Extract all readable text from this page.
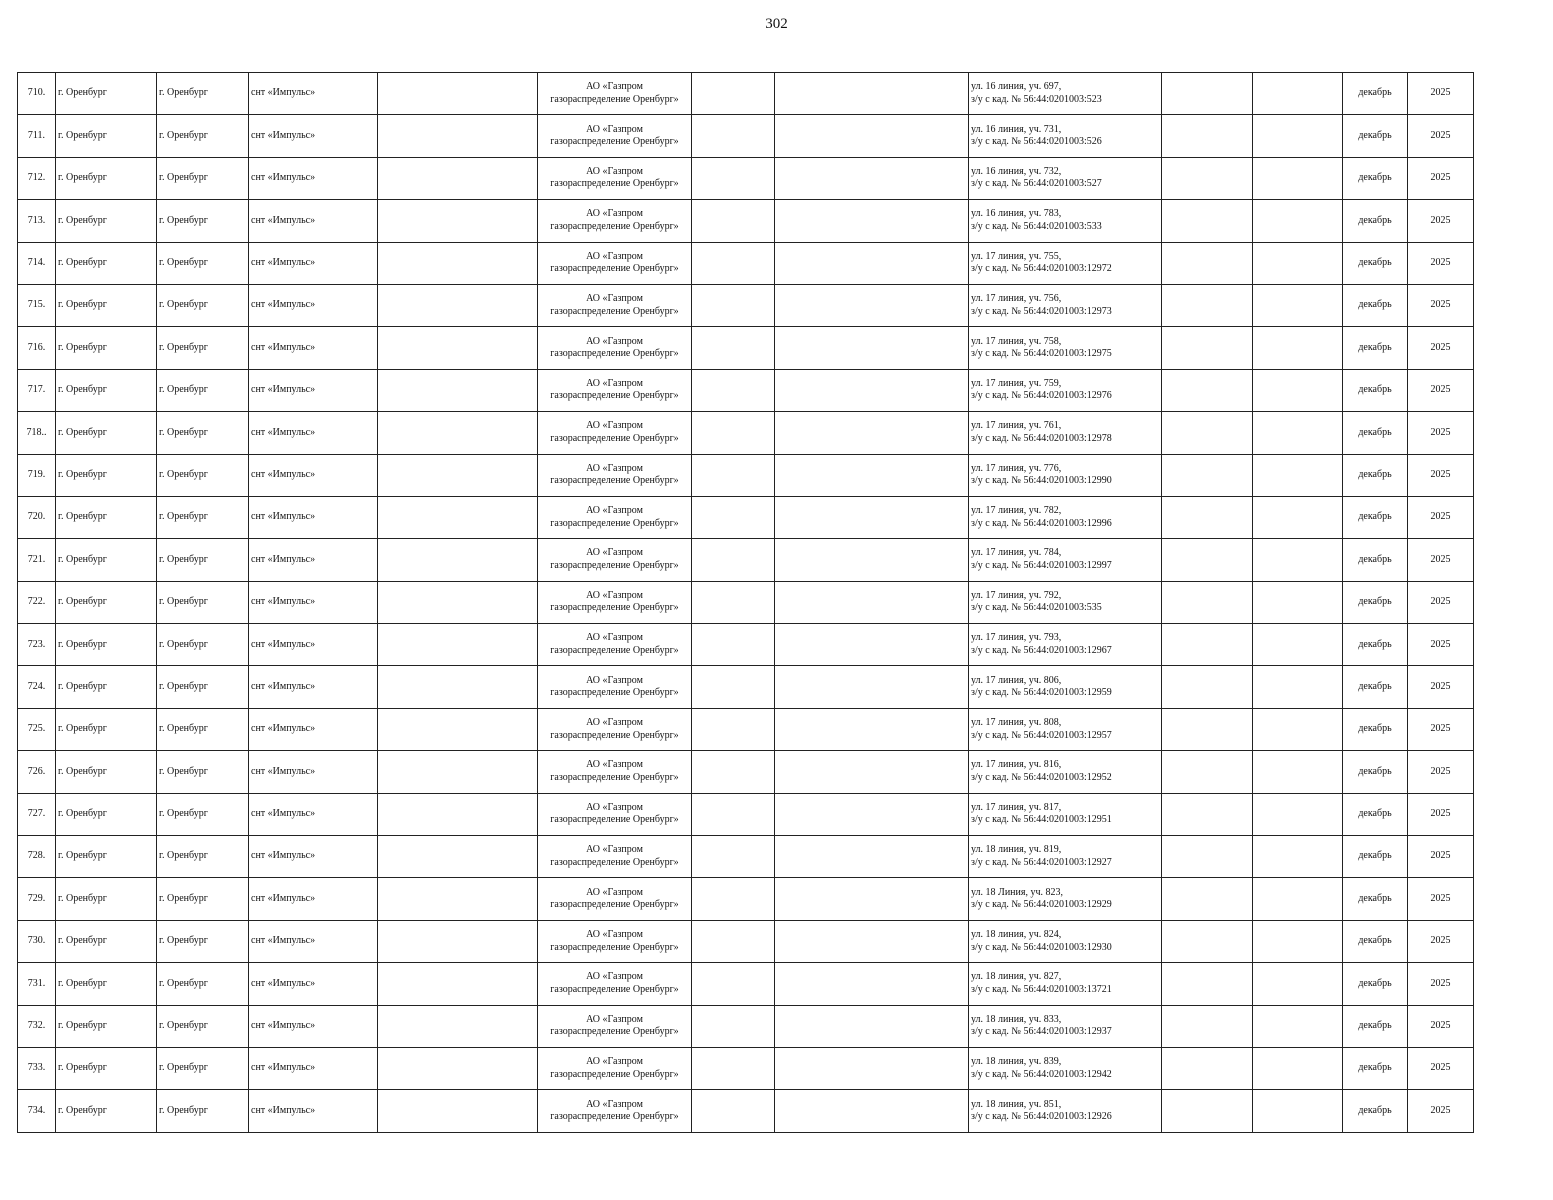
302
710.	г. Оренбург	г. Оренбург	снт «Импульс»		АО «Газпром
газораспределение Оренбург»			ул. 16 линия, уч. 697,
з/у с кад. № 56:44:0201003:523			декабрь	2025
711.	г. Оренбург	г. Оренбург	снт «Импульс»		АО «Газпром
газораспределение Оренбург»			ул. 16 линия, уч. 731,
з/у с кад. № 56:44:0201003:526			декабрь	2025
712.	г. Оренбург	г. Оренбург	снт «Импульс»		АО «Газпром
газораспределение Оренбург»			ул. 16 линия, уч. 732,
з/у с кад. № 56:44:0201003:527			декабрь	2025
713.	г. Оренбург	г. Оренбург	снт «Импульс»		АО «Газпром
газораспределение Оренбург»			ул. 16 линия, уч. 783,
з/у с кад. № 56:44:0201003:533			декабрь	2025
714.	г. Оренбург	г. Оренбург	снт «Импульс»		АО «Газпром
газораспределение Оренбург»			ул. 17 линия, уч. 755,
з/у с кад. № 56:44:0201003:12972			декабрь	2025
715.	г. Оренбург	г. Оренбург	снт «Импульс»		АО «Газпром
газораспределение Оренбург»			ул. 17 линия, уч. 756,
з/у с кад. № 56:44:0201003:12973			декабрь	2025
716.	г. Оренбург	г. Оренбург	снт «Импульс»		АО «Газпром
газораспределение Оренбург»			ул. 17 линия, уч. 758,
з/у с кад. № 56:44:0201003:12975			декабрь	2025
717.	г. Оренбург	г. Оренбург	снт «Импульс»		АО «Газпром
газораспределение Оренбург»			ул. 17 линия, уч. 759,
з/у с кад. № 56:44:0201003:12976			декабрь	2025
718..	г. Оренбург	г. Оренбург	снт «Импульс»		АО «Газпром
газораспределение Оренбург»			ул. 17 линия, уч. 761,
з/у с кад. № 56:44:0201003:12978			декабрь	2025
719.	г. Оренбург	г. Оренбург	снт «Импульс»		АО «Газпром
газораспределение Оренбург»			ул. 17 линия, уч. 776,
з/у с кад. № 56:44:0201003:12990			декабрь	2025
720.	г. Оренбург	г. Оренбург	снт «Импульс»		АО «Газпром
газораспределение Оренбург»			ул. 17 линия, уч. 782,
з/у с кад. № 56:44:0201003:12996			декабрь	2025
721.	г. Оренбург	г. Оренбург	снт «Импульс»		АО «Газпром
газораспределение Оренбург»			ул. 17 линия, уч. 784,
з/у с кад. № 56:44:0201003:12997			декабрь	2025
722.	г. Оренбург	г. Оренбург	снт «Импульс»		АО «Газпром
газораспределение Оренбург»			ул. 17 линия, уч. 792,
з/у с кад. № 56:44:0201003:535			декабрь	2025
723.	г. Оренбург	г. Оренбург	снт «Импульс»		АО «Газпром
газораспределение Оренбург»			ул. 17 линия, уч. 793,
з/у с кад. № 56:44:0201003:12967			декабрь	2025
724.	г. Оренбург	г. Оренбург	снт «Импульс»		АО «Газпром
газораспределение Оренбург»			ул. 17 линия, уч. 806,
з/у с кад. № 56:44:0201003:12959			декабрь	2025
725.	г. Оренбург	г. Оренбург	снт «Импульс»		АО «Газпром
газораспределение Оренбург»			ул. 17 линия, уч. 808,
з/у с кад. № 56:44:0201003:12957			декабрь	2025
726.	г. Оренбург	г. Оренбург	снт «Импульс»		АО «Газпром
газораспределение Оренбург»			ул. 17 линия, уч. 816,
з/у с кад. № 56:44:0201003:12952			декабрь	2025
727.	г. Оренбург	г. Оренбург	снт «Импульс»		АО «Газпром
газораспределение Оренбург»			ул. 17 линия, уч. 817,
з/у с кад. № 56:44:0201003:12951			декабрь	2025
728.	г. Оренбург	г. Оренбург	снт «Импульс»		АО «Газпром
газораспределение Оренбург»			ул. 18 линия, уч. 819,
з/у с кад. № 56:44:0201003:12927			декабрь	2025
729.	г. Оренбург	г. Оренбург	снт «Импульс»		АО «Газпром
газораспределение Оренбург»			ул. 18 Линия, уч. 823,
з/у с кад. № 56:44:0201003:12929			декабрь	2025
730.	г. Оренбург	г. Оренбург	снт «Импульс»		АО «Газпром
газораспределение Оренбург»			ул. 18 линия, уч. 824,
з/у с кад. № 56:44:0201003:12930			декабрь	2025
731.	г. Оренбург	г. Оренбург	снт «Импульс»		АО «Газпром
газораспределение Оренбург»			ул. 18 линия, уч. 827,
з/у с кад. № 56:44:0201003:13721			декабрь	2025
732.	г. Оренбург	г. Оренбург	снт «Импульс»		АО «Газпром
газораспределение Оренбург»			ул. 18 линия, уч. 833,
з/у с кад. № 56:44:0201003:12937			декабрь	2025
733.	г. Оренбург	г. Оренбург	снт «Импульс»		АО «Газпром
газораспределение Оренбург»			ул. 18 линия, уч. 839,
з/у с кад. № 56:44:0201003:12942			декабрь	2025
734.	г. Оренбург	г. Оренбург	снт «Импульс»		АО «Газпром
газораспределение Оренбург»			ул. 18 линия, уч. 851,
з/у с кад. № 56:44:0201003:12926			декабрь	2025
